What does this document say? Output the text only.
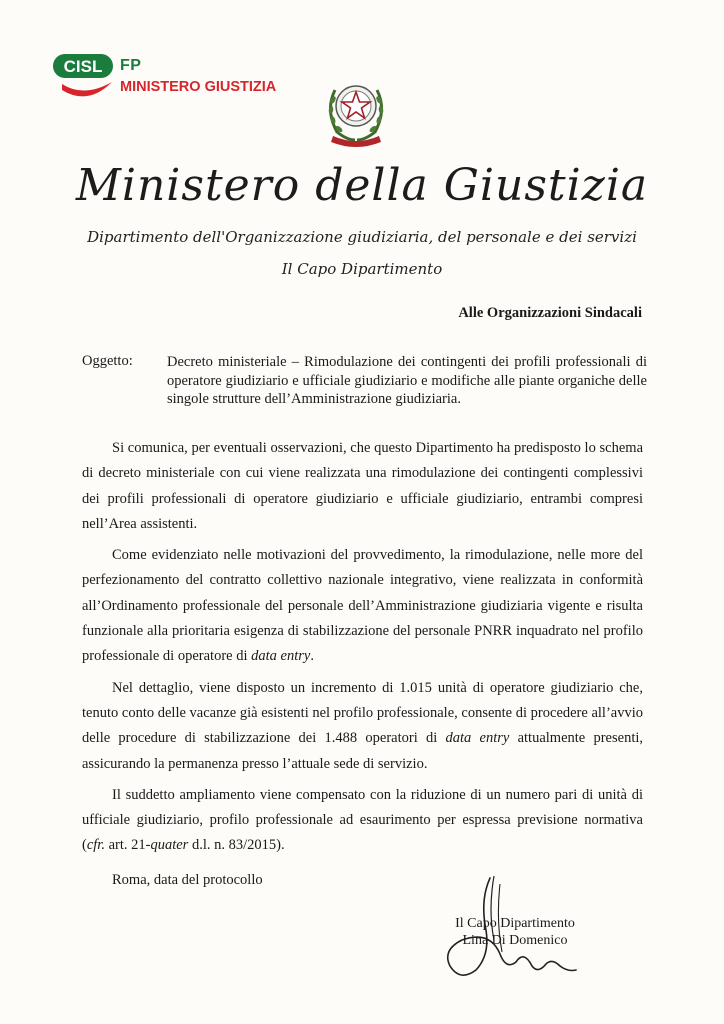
CISL FP
MINISTERO GIUSTIZIA
Ministero della Giustizia
Dipartimento dell'Organizzazione giudiziaria, del personale e dei servizi
Il Capo Dipartimento
Alle Organizzazioni Sindacali
Oggetto: Decreto ministeriale – Rimodulazione dei contingenti dei profili professionali di operatore giudiziario e ufficiale giudiziario e modifiche alle piante organiche delle singole strutture dell’Amministrazione giudiziaria.

Si comunica, per eventuali osservazioni, che questo Dipartimento ha predisposto lo schema di decreto ministeriale con cui viene realizzata una rimodulazione dei contingenti complessivi dei profili professionali di operatore giudiziario e ufficiale giudiziario, entrambi compresi nell’Area assistenti.

Come evidenziato nelle motivazioni del provvedimento, la rimodulazione, nelle more del perfezionamento del contratto collettivo nazionale integrativo, viene realizzata in conformità all’Ordinamento professionale del personale dell’Amministrazione giudiziaria vigente e risulta funzionale alla prioritaria esigenza di stabilizzazione del personale PNRR inquadrato nel profilo professionale di operatore di data entry.

Nel dettaglio, viene disposto un incremento di 1.015 unità di operatore giudiziario che, tenuto conto delle vacanze già esistenti nel profilo professionale, consente di procedere all’avvio delle procedure di stabilizzazione dei 1.488 operatori di data entry attualmente presenti, assicurando la permanenza presso l’attuale sede di servizio.

Il suddetto ampliamento viene compensato con la riduzione di un numero pari di unità di ufficiale giudiziario, profilo professionale ad esaurimento per espressa previsione normativa (cfr. art. 21-quater d.l. n. 83/2015).

Roma, data del protocollo
Il Capo Dipartimento
Lina Di Domenico
